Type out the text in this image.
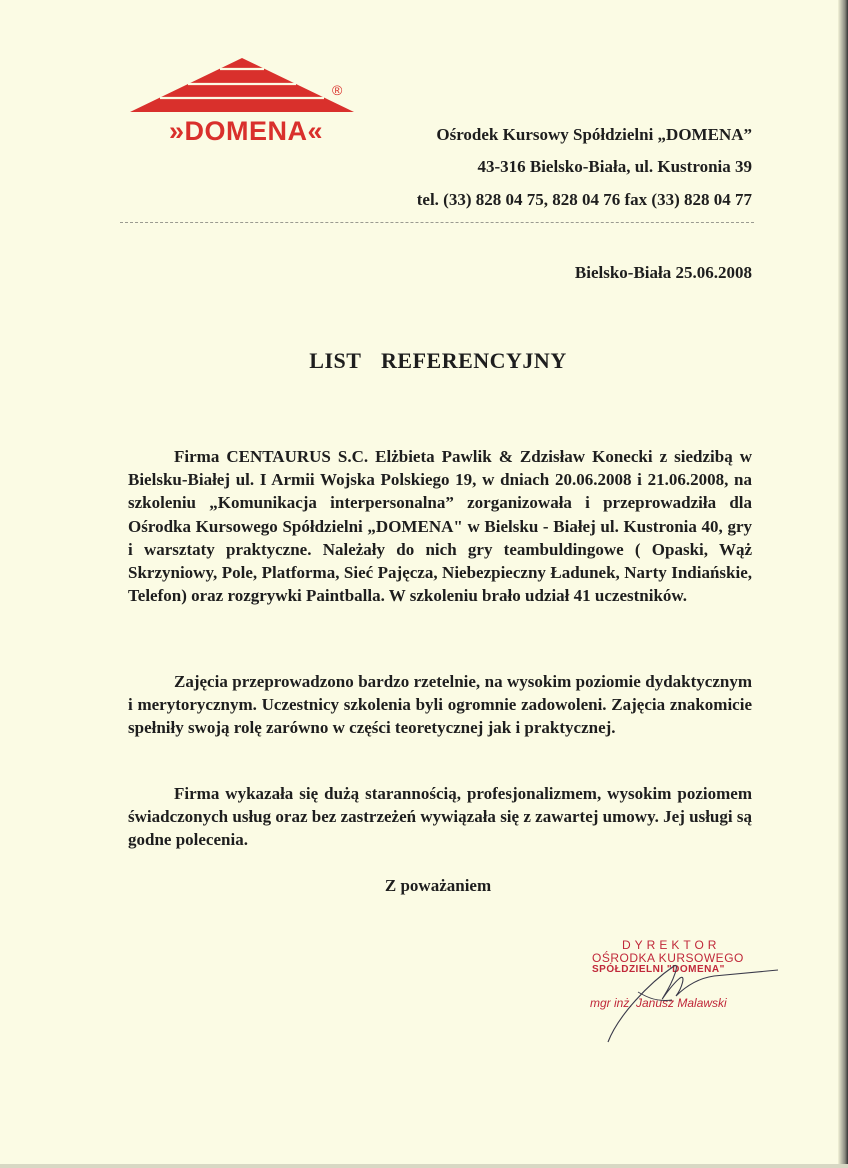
®
»DOMENA«	Ośrodek Kursowy Spółdzielni „DOMENA”
43-316 Bielsko-Biała, ul. Kustronia 39
tel. (33) 828 04 75, 828 04 76 fax (33) 828 04 77
Bielsko-Biała 25.06.2008
LIST REFERENCYJNY

Firma CENTAURUS S.C. Elżbieta Pawlik & Zdzisław Konecki z siedzibą w Bielsku-Białej ul. I Armii Wojska Polskiego 19, w dniach 20.06.2008 i 21.06.2008, na szkoleniu „Komunikacja interpersonalna” zorganizowała i przeprowadziła dla Ośrodka Kursowego Spółdzielni „DOMENA" w Bielsku - Białej ul. Kustronia 40, gry i warsztaty praktyczne. Należały do nich gry teambuldingowe ( Opaski, Wąż Skrzyniowy, Pole, Platforma, Sieć Pajęcza, Niebezpieczny Ładunek, Narty Indiańskie, Telefon) oraz rozgrywki Paintballa. W szkoleniu brało udział 41 uczestników.

Zajęcia przeprowadzono bardzo rzetelnie, na wysokim poziomie dydaktycznym i merytorycznym. Uczestnicy szkolenia byli ogromnie zadowoleni. Zajęcia znakomicie spełniły swoją rolę zarówno w części teoretycznej jak i praktycznej.

Firma wykazała się dużą starannością, profesjonalizmem, wysokim poziomem świadczonych usług oraz bez zastrzeżeń wywiązała się z zawartej umowy. Jej usługi są godne polecenia.

Z poważaniem
DYREKTOR
OŚRODKA KURSOWEGO
SPÓŁDZIELNI "DOMENA"
mgr inż. Janusz Malawski
